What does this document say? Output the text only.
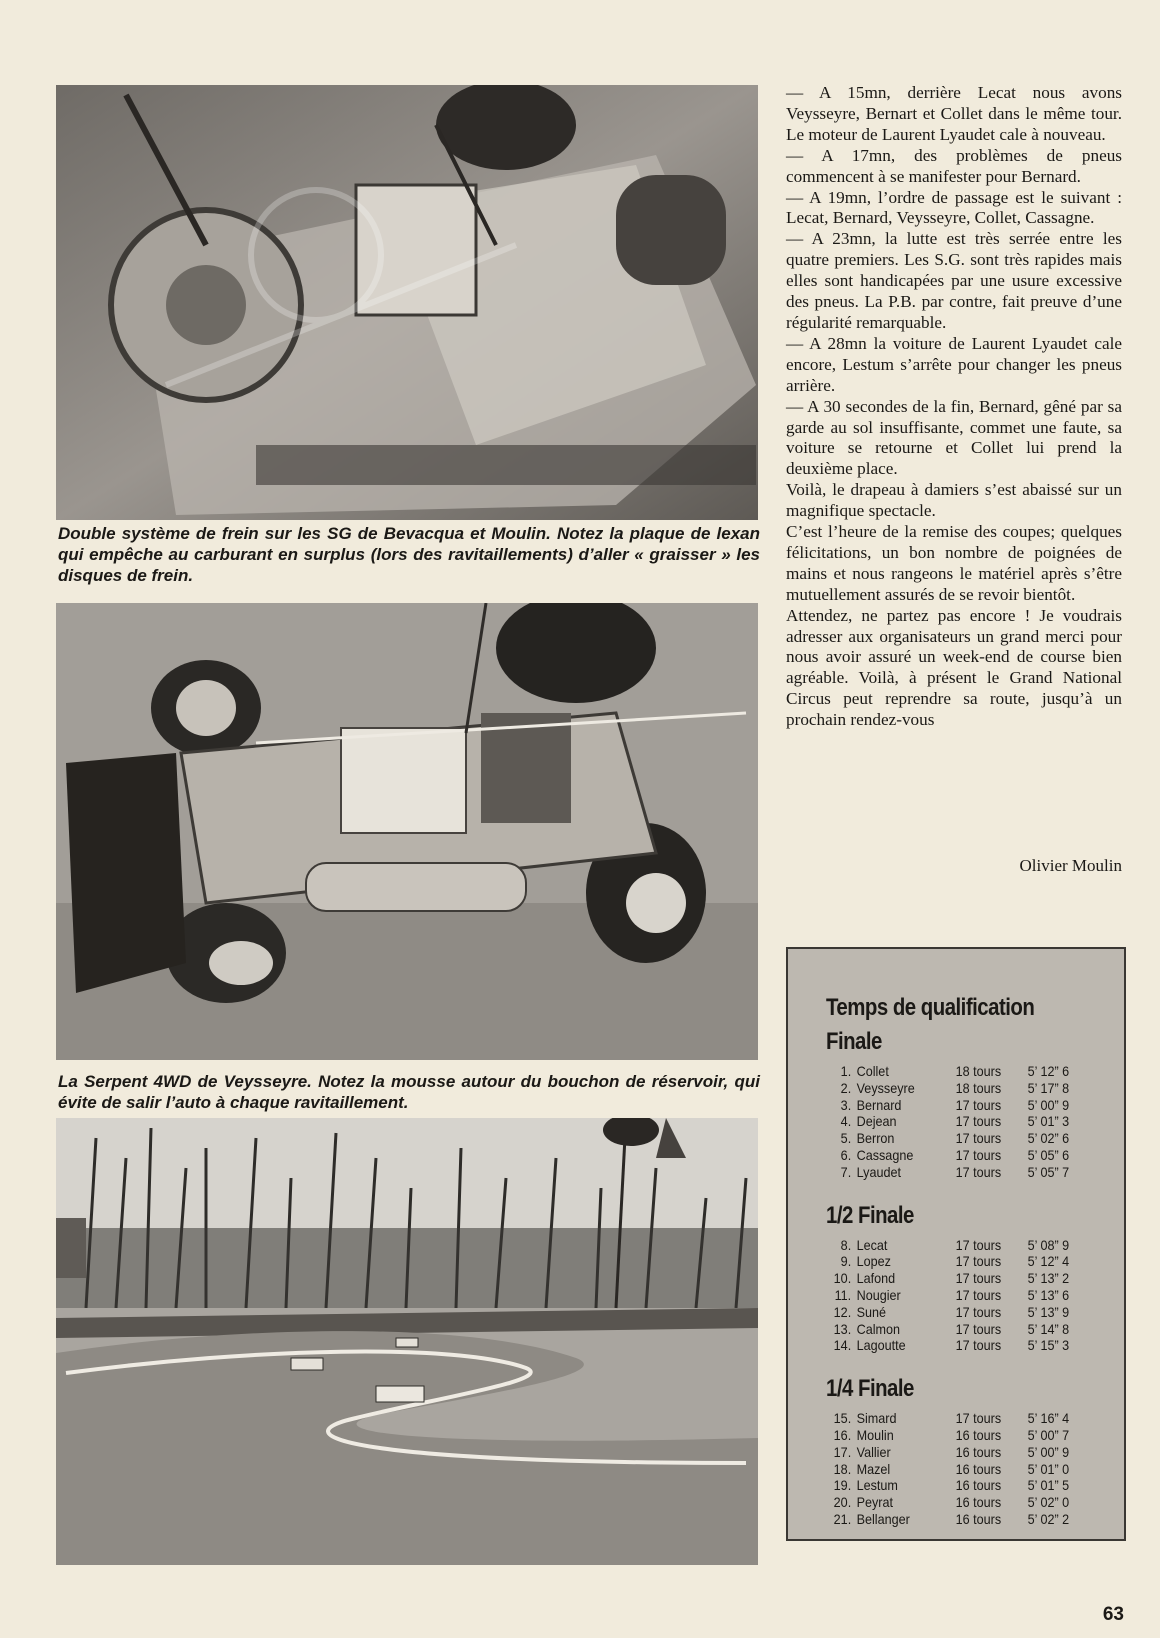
Double système de frein sur les SG de Bevacqua et Moulin. Notez la plaque de lexan qui empêche au carburant en surplus (lors des ravitaillements) d’aller « graisser » les disques de frein.

La Serpent 4WD de Veysseyre. Notez la mousse autour du bouchon de réservoir, qui évite de salir l’auto à chaque ravitaillement.

— A 15mn, derrière Lecat nous avons Veysseyre, Bernart et Collet dans le même tour. Le moteur de Laurent Lyaudet cale à nouveau.

— A 17mn, des problèmes de pneus commencent à se manifester pour Bernard.

— A 19mn, l’ordre de passage est le suivant : Lecat, Bernard, Veysseyre, Collet, Cassagne.

— A 23mn, la lutte est très serrée entre les quatre premiers. Les S.G. sont très rapides mais elles sont handicapées par une usure excessive des pneus. La P.B. par contre, fait preuve d’une régularité remarquable.

— A 28mn la voiture de Laurent Lyaudet cale encore, Lestum s’arrête pour changer les pneus arrière.

— A 30 secondes de la fin, Bernard, gêné par sa garde au sol insuffisante, commet une faute, sa voiture se retourne et Collet lui prend la deuxième place.

Voilà, le drapeau à damiers s’est abaissé sur un magnifique spectacle.

C’est l’heure de la remise des coupes; quelques félicitations, un bon nombre de poignées de mains et nous rangeons le matériel après s’être mutuellement assurés de se revoir bientôt.

Attendez, ne partez pas encore ! Je voudrais adresser aux organisateurs un grand merci pour nous avoir assuré un week-end de course bien agréable. Voilà, à présent le Grand National Circus peut reprendre sa route, jusqu’à un prochain rendez-vous

Olivier Moulin
Temps de qualification
Finale
1. Collet	18 tours	5’ 12” 6
2. Veysseyre	18 tours	5’ 17” 8
3. Bernard	17 tours	5’ 00” 9
4. Dejean	17 tours	5’ 01” 3
5. Berron	17 tours	5’ 02” 6
6. Cassagne	17 tours	5’ 05” 6
7. Lyaudet	17 tours	5’ 05” 7
1/2 Finale
8. Lecat	17 tours	5’ 08” 9
9. Lopez	17 tours	5’ 12” 4
10. Lafond	17 tours	5’ 13” 2
11. Nougier	17 tours	5’ 13” 6
12. Suné	17 tours	5’ 13” 9
13. Calmon	17 tours	5’ 14” 8
14. Lagoutte	17 tours	5’ 15” 3
1/4 Finale
15. Simard	17 tours	5’ 16” 4
16. Moulin	16 tours	5’ 00” 7
17. Vallier	16 tours	5’ 00” 9
18. Mazel	16 tours	5’ 01” 0
19. Lestum	16 tours	5’ 01” 5
20. Peyrat	16 tours	5’ 02” 0
21. Bellanger	16 tours	5’ 02” 2
63
